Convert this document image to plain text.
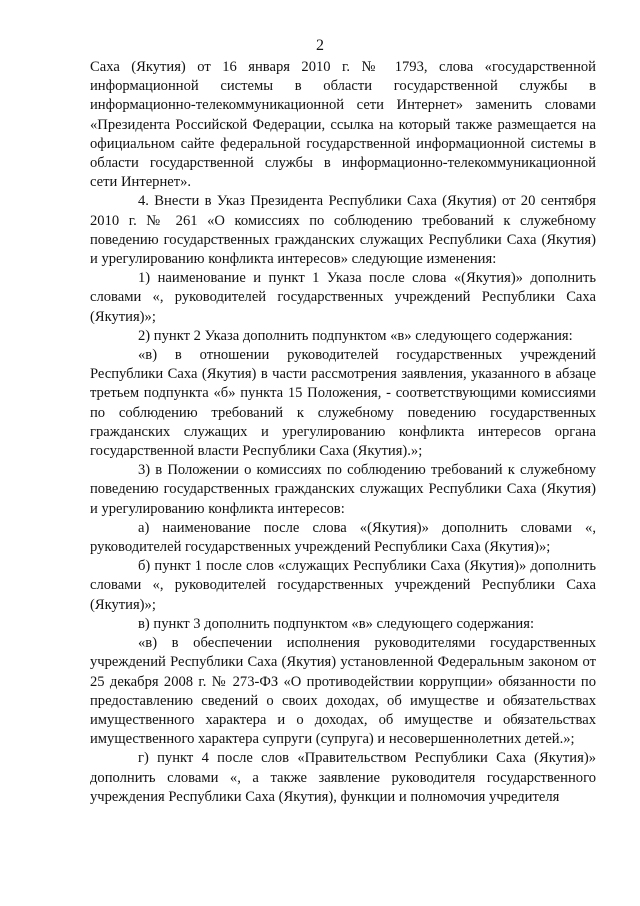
2

Саха (Якутия) от 16 января 2010 г. № 1793, слова «государственной информационной системы в области государственной службы в информационно-телекоммуникационной сети Интернет» заменить словами «Президента Российской Федерации, ссылка на который также размещается на официальном сайте федеральной государственной информационной системы в области государственной службы в информационно-телекоммуникационной сети Интернет».

4. Внести в Указ Президента Республики Саха (Якутия) от 20 сентября 2010 г. № 261 «О комиссиях по соблюдению требований к служебному поведению государственных гражданских служащих Республики Саха (Якутия) и урегулированию конфликта интересов» следующие изменения:

1) наименование и пункт 1 Указа после слова «(Якутия)» дополнить словами «, руководителей государственных учреждений Республики Саха (Якутия)»;

2) пункт 2 Указа дополнить подпунктом «в» следующего содержания:

«в) в отношении руководителей государственных учреждений Республики Саха (Якутия) в части рассмотрения заявления, указанного в абзаце третьем подпункта «б» пункта 15 Положения, - соответствующими комиссиями по соблюдению требований к служебному поведению государственных гражданских служащих и урегулированию конфликта интересов органа государственной власти Республики Саха (Якутия).»;

3) в Положении о комиссиях по соблюдению требований к служебному поведению государственных гражданских служащих Республики Саха (Якутия) и урегулированию конфликта интересов:

а) наименование после слова «(Якутия)» дополнить словами «, руководителей государственных учреждений Республики Саха (Якутия)»;

б) пункт 1 после слов «служащих Республики Саха (Якутия)» дополнить словами «, руководителей государственных учреждений Республики Саха (Якутия)»;

в) пункт 3 дополнить подпунктом «в» следующего содержания:

«в) в обеспечении исполнения руководителями государственных учреждений Республики Саха (Якутия) установленной Федеральным законом от 25 декабря 2008 г. № 273-ФЗ «О противодействии коррупции» обязанности по предоставлению сведений о своих доходах, об имуществе и обязательствах имущественного характера и о доходах, об имуществе и обязательствах имущественного характера супруги (супруга) и несовершеннолетних детей.»;

г) пункт 4 после слов «Правительством Республики Саха (Якутия)» дополнить словами «, а также заявление руководителя государственного учреждения Республики Саха (Якутия), функции и полномочия учредителя
